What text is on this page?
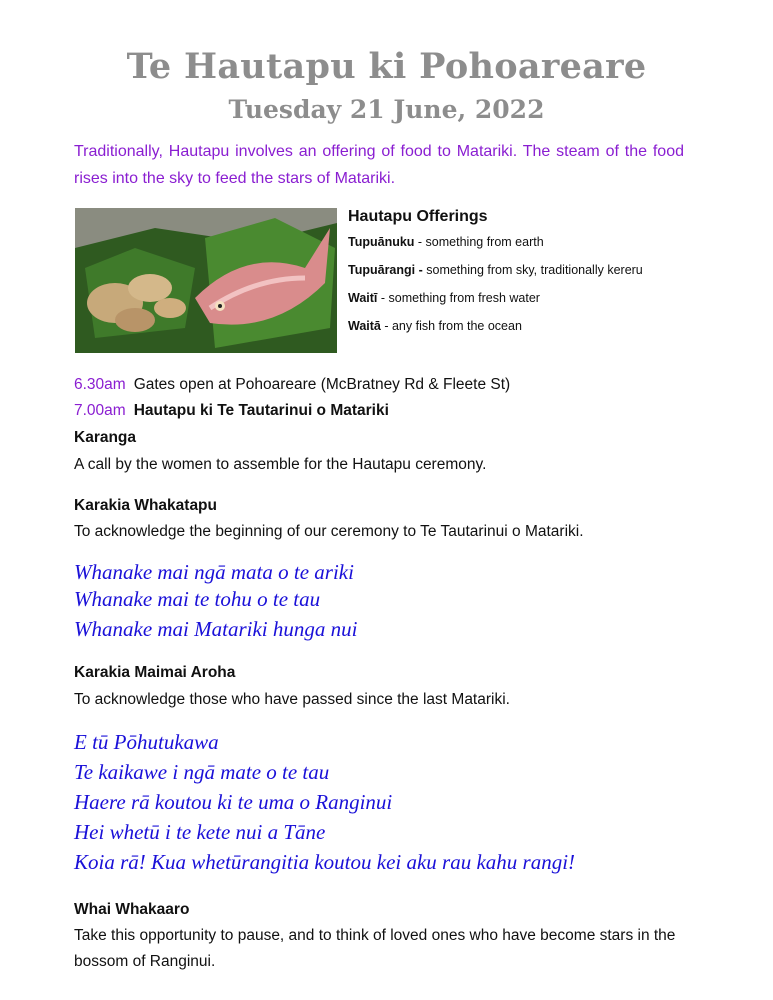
Te Hautapu ki Pohoareare
Tuesday 21 June, 2022
Traditionally, Hautapu involves an offering of food to Matariki. The steam of the food rises into the sky to feed the stars of Matariki.
Hautapu Offerings
Tupuānuku - something from earth
Tupuārangi - something from sky, traditionally kereru
Waitī - something from fresh water
Waitā - any fish from the ocean
6.30am Gates open at Pohoareare (McBratney Rd & Fleete St)
7.00am Hautapu ki Te Tautarinui o Matariki
Karanga
A call by the women to assemble for the Hautapu ceremony.
Karakia Whakatapu
To acknowledge the beginning of our ceremony to Te Tautarinui o Matariki.
Whanake mai ngā mata o te ariki
Whanake mai te tohu o te tau
Whanake mai Matariki hunga nui
Karakia Maimai Aroha
To acknowledge those who have passed since the last Matariki.
E tū Pōhutukawa
Te kaikawe i ngā mate o te tau
Haere rā koutou ki te uma o Ranginui
Hei whetū i te kete nui a Tāne
Koia rā! Kua whetūrangitia koutou kei aku rau kahu rangi!
Whai Whakaaro
Take this opportunity to pause, and to think of loved ones who have become stars in the bossom of Ranginui.
